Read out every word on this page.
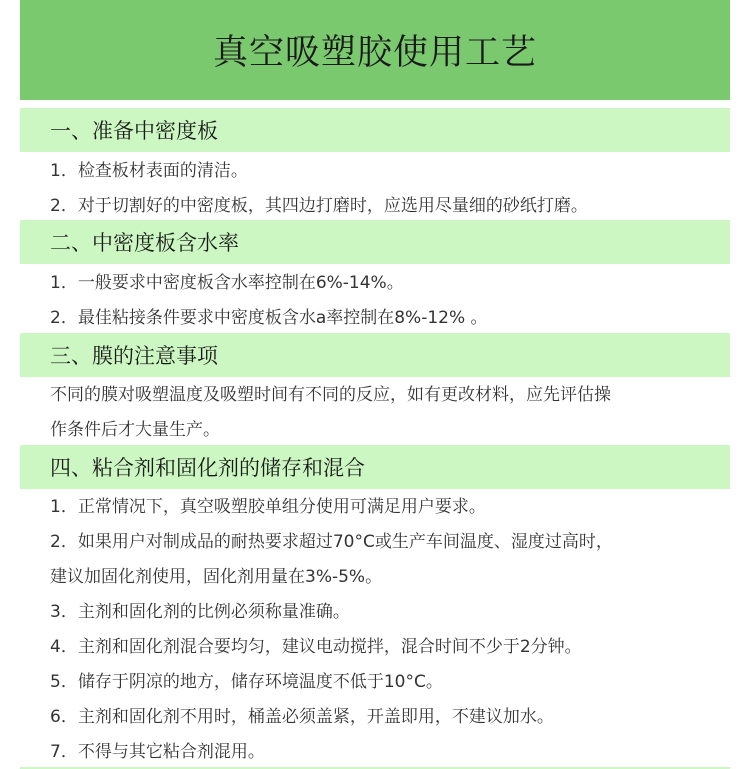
真空吸塑胶使用工艺
一、准备中密度板
1．检查板材表面的清洁。
2．对于切割好的中密度板，其四边打磨时，应选用尽量细的砂纸打磨。
二、中密度板含水率
1．一般要求中密度板含水率控制在6%-14%。
2．最佳粘接条件要求中密度板含水a率控制在8%-12% 。
三、膜的注意事项
不同的膜对吸塑温度及吸塑时间有不同的反应，如有更改材料，应先评估操
作条件后才大量生产。
四、粘合剂和固化剂的储存和混合
1．正常情况下，真空吸塑胶单组分使用可满足用户要求。
2．如果用户对制成品的耐热要求超过70°C或生产车间温度、湿度过高时，
建议加固化剂使用，固化剂用量在3%-5%。
3．主剂和固化剂的比例必须称量准确。
4．主剂和固化剂混合要均匀，建议电动搅拌，混合时间不少于2分钟。
5．储存于阴凉的地方，储存环境温度不低于10°C。
6．主剂和固化剂不用时，桶盖必须盖紧，开盖即用，不建议加水。
7．不得与其它粘合剂混用。
